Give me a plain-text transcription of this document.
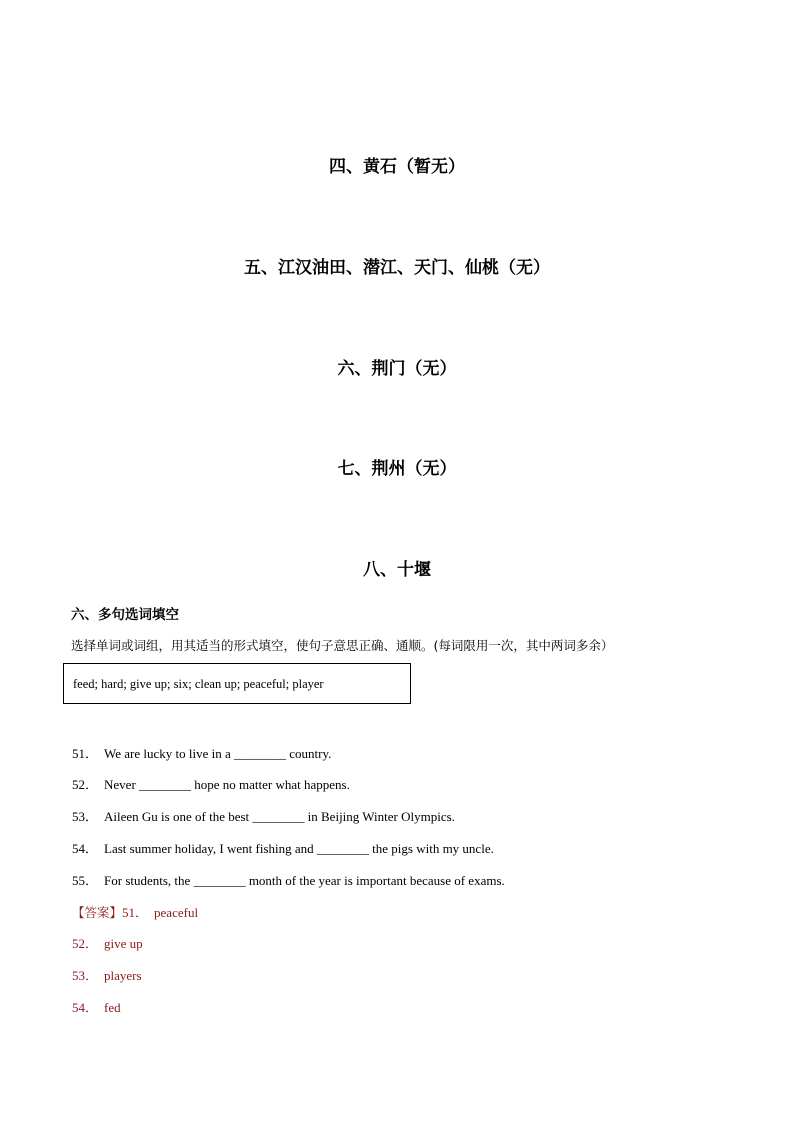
四、黄石（暂无）
五、江汉油田、潜江、天门、仙桃（无）
六、荆门（无）
七、荆州（无）
八、十堰
六、多句选词填空
选择单词或词组，用其适当的形式填空，使句子意思正确、通顺。(每词限用一次，其中两词多余）
feed; hard; give up; six; clean up; peaceful; player
51． We are lucky to live in a ________ country.
52． Never ________ hope no matter what happens.
53． Aileen Gu is one of the best ________ in Beijing Winter Olympics.
54． Last summer holiday, I went fishing and ________ the pigs with my uncle.
55． For students, the ________ month of the year is important because of exams.
【答案】51． peaceful
52． give up
53． players
54． fed
